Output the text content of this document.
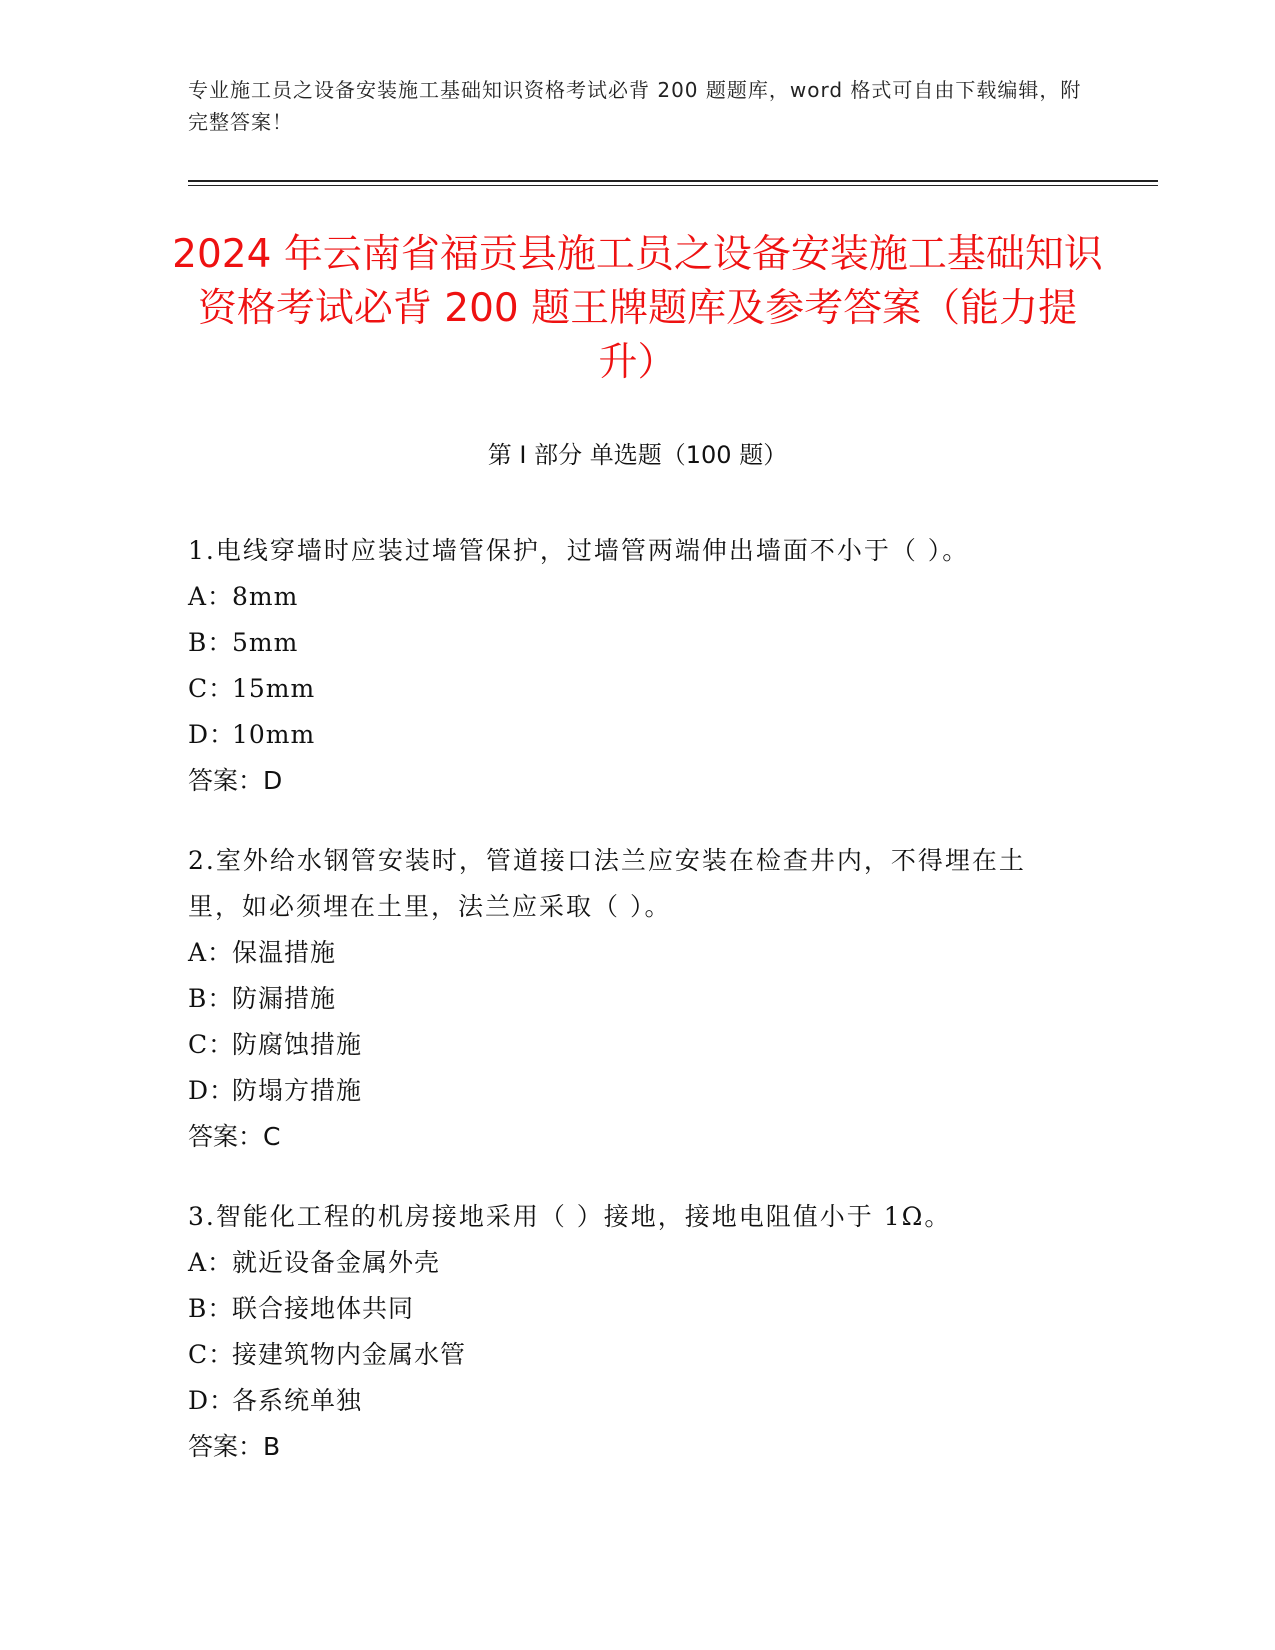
专业施工员之设备安装施工基础知识资格考试必背 200 题题库，word 格式可自由下载编辑，附完整答案！
2024 年云南省福贡县施工员之设备安装施工基础知识资格考试必背 200 题王牌题库及参考答案（能力提升）
第 I 部分 单选题（100 题）
1.电线穿墙时应装过墙管保护，过墙管两端伸出墙面不小于（ ）。
A：8mm
B：5mm
C：15mm
D：10mm
答案：D
2.室外给水钢管安装时，管道接口法兰应安装在检查井内，不得埋在土里，如必须埋在土里，法兰应采取（ ）。
A：保温措施
B：防漏措施
C：防腐蚀措施
D：防塌方措施
答案：C
3.智能化工程的机房接地采用（ ）接地，接地电阻值小于 1Ω。
A：就近设备金属外壳
B：联合接地体共同
C：接建筑物内金属水管
D：各系统单独
答案：B
